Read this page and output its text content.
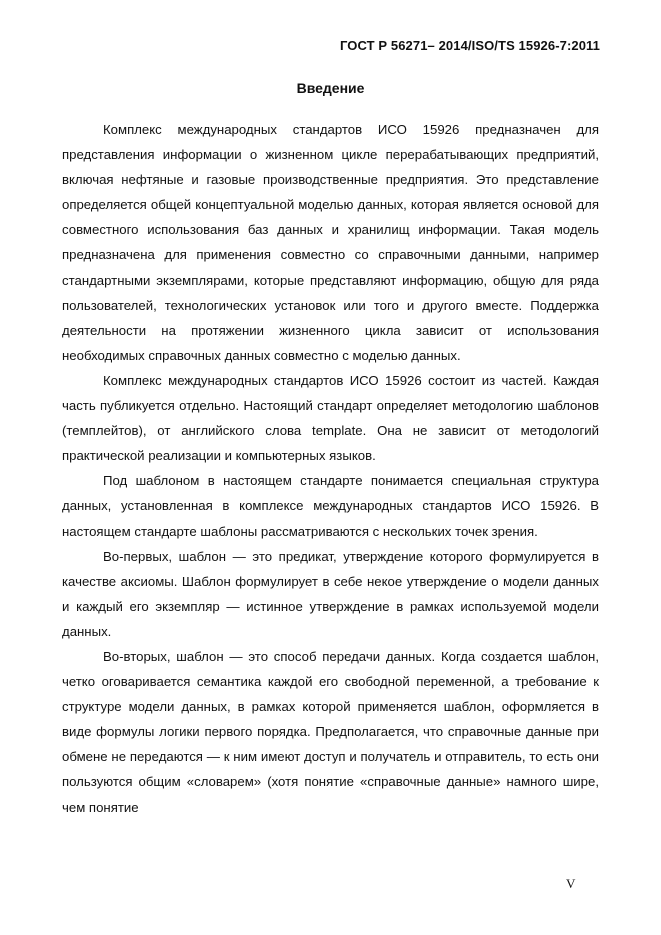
ГОСТ Р 56271– 2014/ISO/TS 15926-7:2011
Введение

Комплекс международных стандартов ИСО 15926 предназначен для представления информации о жизненном цикле перерабатывающих предприятий, включая нефтяные и газовые производственные предприятия. Это представление определяется общей концептуальной моделью данных, которая является основой для совместного использования баз данных и хранилищ информации. Такая модель предназначена для применения совместно со справочными данными, например стандартными экземплярами, которые представляют информацию, общую для ряда пользователей, технологических установок или того и другого вместе. Поддержка деятельности на протяжении жизненного цикла зависит от использования необходимых справочных данных совместно с моделью данных.

Комплекс международных стандартов ИСО 15926 состоит из частей. Каждая часть публикуется отдельно. Настоящий стандарт определяет методологию шаблонов (темплейтов), от английского слова template. Она не зависит от методологий практической реализации и компьютерных языков.

Под шаблоном в настоящем стандарте понимается специальная структура данных, установленная в комплексе международных стандартов ИСО 15926. В настоящем стандарте шаблоны рассматриваются с нескольких точек зрения.

Во-первых, шаблон — это предикат, утверждение которого формулируется в качестве аксиомы. Шаблон формулирует в себе некое утверждение о модели данных и каждый его экземпляр — истинное утверждение в рамках используемой модели данных.

Во-вторых, шаблон — это способ передачи данных. Когда создается шаблон, четко оговаривается семантика каждой его свободной переменной, а требование к структуре модели данных, в рамках которой применяется шаблон, оформляется в виде формулы логики первого порядка. Предполагается, что справочные данные при обмене не передаются — к ним имеют доступ и получатель и отправитель, то есть они пользуются общим «словарем» (хотя понятие «справочные данные» намного шире, чем понятие

V
